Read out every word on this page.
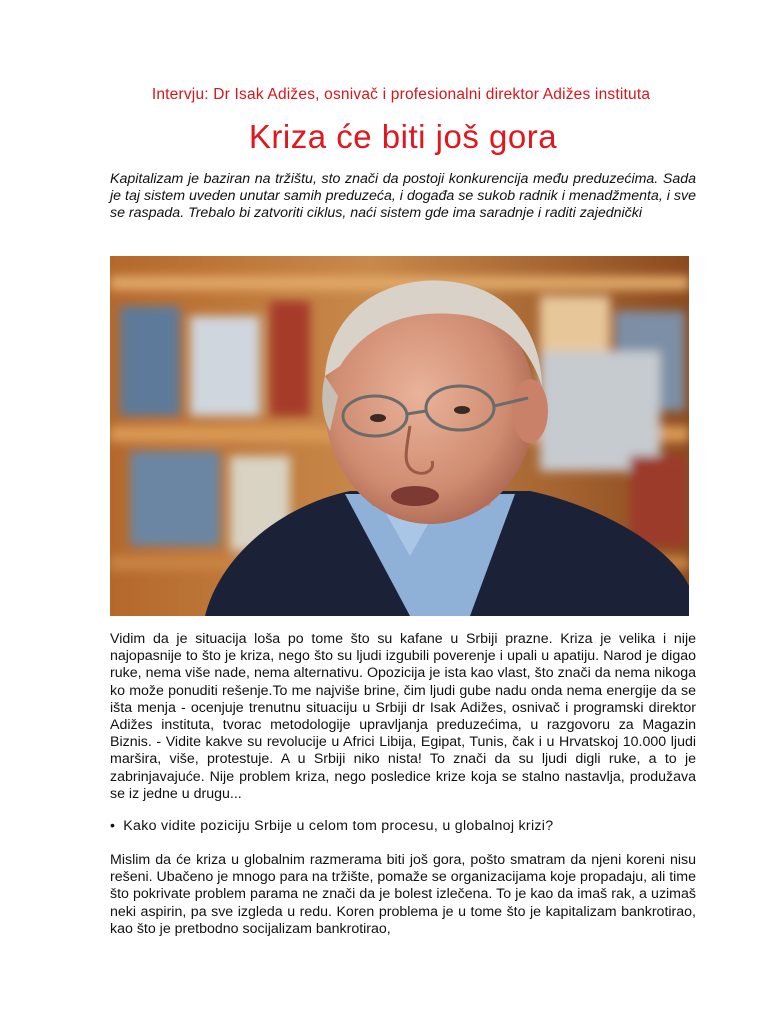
Intervju: Dr Isak Adižes, osnivač i profesionalni direktor Adižes instituta
Kriza će biti još gora
Kapitalizam je baziran na tržištu, sto znači da postoji konkurencija među preduzećima. Sada je taj sistem uveden unutar samih preduzeća, i događa se sukob radnik i menadžmenta, i sve se raspada. Trebalo bi zatvoriti ciklus, naći sistem gde ima saradnje i raditi zajednički

Vidim da je situacija loša po tome što su kafane u Srbiji prazne. Kriza je velika i nije najopasnije to što je kriza, nego što su ljudi izgubili poverenje i upali u apatiju. Narod je digao ruke, nema više nade, nema alternativu. Opozicija je ista kao vlast, što znači da nema nikoga ko može ponuditi rešenje.To me najviše brine, čim ljudi gube nadu onda nema energije da se išta menja - ocenjuje trenutnu situaciju u Srbiji dr Isak Adižes, osnivač i programski direktor Adižes instituta, tvorac metodologije upravljanja preduzećima, u razgovoru za Magazin Biznis. - Vidite kakve su revolucije u Africi Libija, Egipat, Tunis, čak i u Hrvatskoj 10.000 ljudi marširа, više, protestuje. A u Srbiji niko nista! To znači da su ljudi digli ruke, a to je zabrinjavajuće. Nije problem kriza, nego posledice krize koja se stalno nastavlja, produžava se iz jedne u drugu...

• Kako vidite poziciju Srbije u celom tom procesu, u globalnoj krizi?

Mislim da će kriza u globalnim razmerama biti još gora, pošto smatram da njeni koreni nisu rešeni. Ubačeno je mnogo para na tržište, pomaže se organizacijama koje propadaju, ali time što pokrivate problem parama ne znači da je bolest izlečena. To je kao da imaš rak, a uzimaš neki aspirin, pa sve izgleda u redu. Koren problema je u tome što je kapitalizam bankrotirao, kao što je pretbodno socijalizam bankrotirao,
